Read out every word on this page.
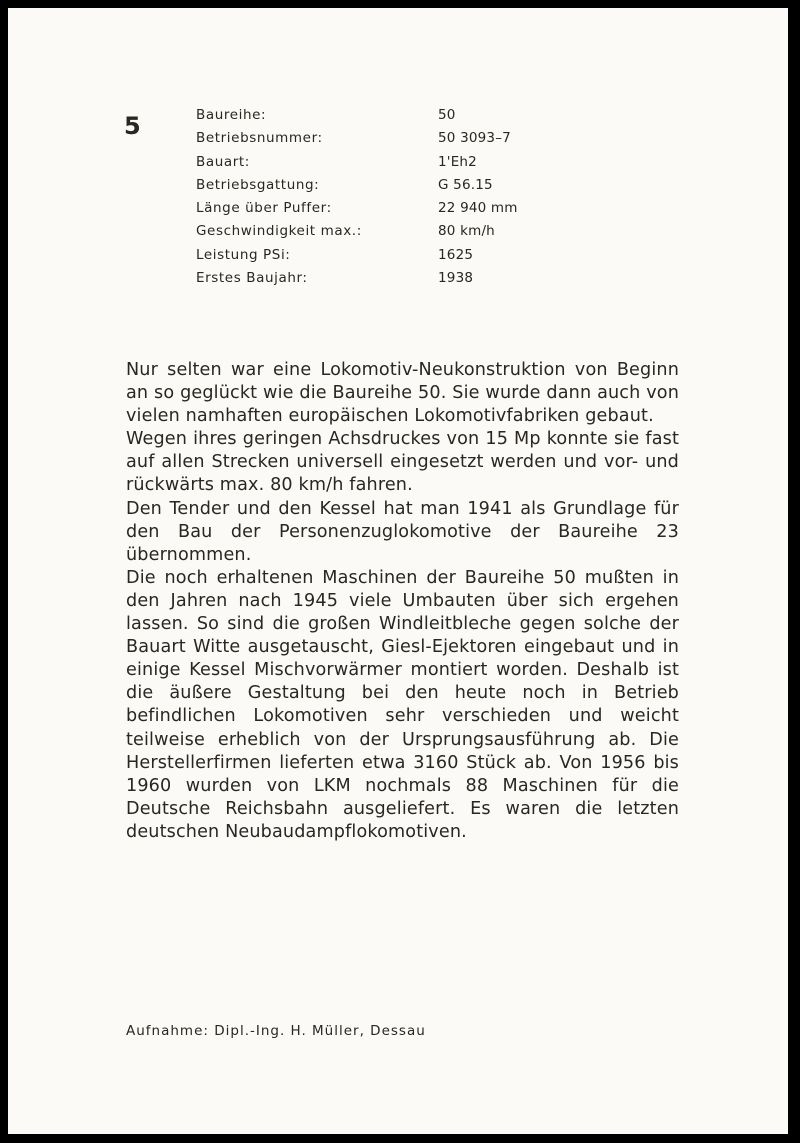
5	Baureihe:	50
Betriebsnummer:	50 3093–7
Bauart:	1'Eh2
Betriebsgattung:	G 56.15
Länge über Puffer:	22 940 mm
Geschwindigkeit max.:	80 km/h
Leistung PSi:	1625
Erstes Baujahr:	1938

Nur selten war eine Lokomotiv-Neukonstruktion von Beginn an so geglückt wie die Baureihe 50. Sie wurde dann auch von vielen namhaften europäischen Lokomotivfabriken gebaut.

Wegen ihres geringen Achsdruckes von 15 Mp konnte sie fast auf allen Strecken universell eingesetzt werden und vor- und rückwärts max. 80 km/h fahren.

Den Tender und den Kessel hat man 1941 als Grundlage für den Bau der Personenzuglokomotive der Baureihe 23 übernommen.

Die noch erhaltenen Maschinen der Baureihe 50 mußten in den Jahren nach 1945 viele Umbauten über sich ergehen lassen. So sind die großen Windleitbleche gegen solche der Bauart Witte ausgetauscht, Giesl-Ejektoren eingebaut und in einige Kessel Mischvorwärmer montiert worden. Deshalb ist die äußere Gestaltung bei den heute noch in Betrieb befindlichen Lokomotiven sehr verschieden und weicht teilweise erheblich von der Ursprungsausführung ab. Die Herstellerfirmen lieferten etwa 3160 Stück ab. Von 1956 bis 1960 wurden von LKM nochmals 88 Maschinen für die Deutsche Reichsbahn ausgeliefert. Es waren die letzten deutschen Neubaudampflokomotiven.

Aufnahme: Dipl.-Ing. H. Müller, Dessau
